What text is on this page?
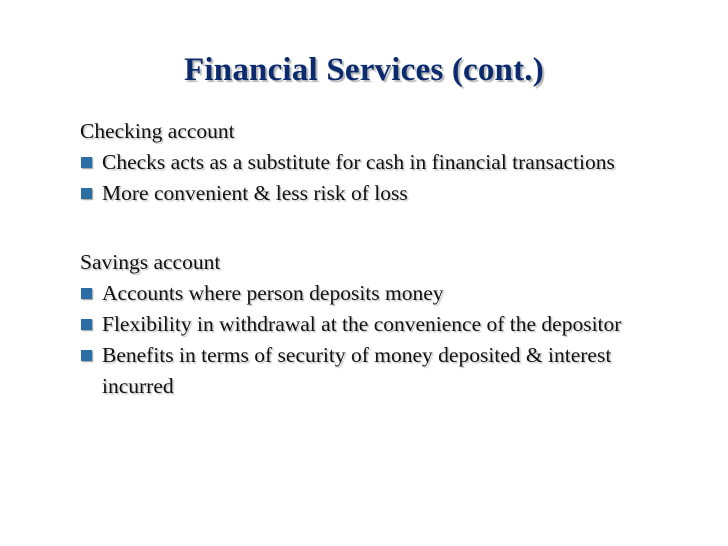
Financial Services (cont.)
Checking account
Checks acts as a substitute for cash in financial transactions
More convenient & less risk of loss
Savings account
Accounts where person deposits money
Flexibility in withdrawal at the convenience of the depositor
Benefits in terms of security of money deposited & interest incurred
